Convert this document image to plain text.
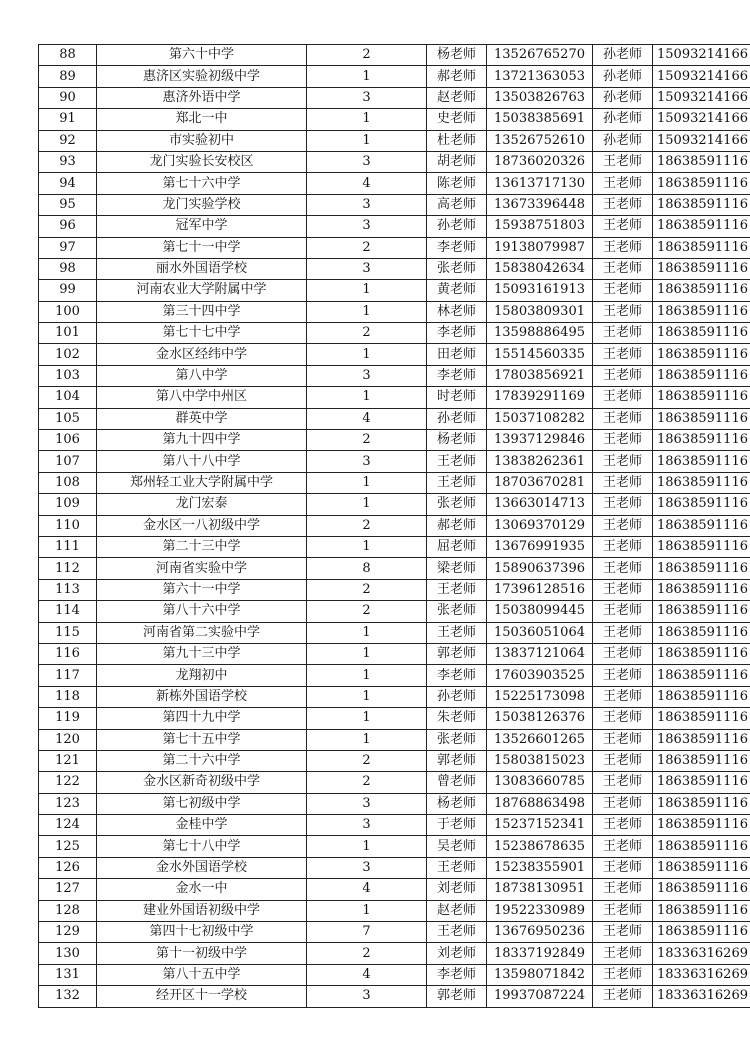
88	第六十中学	2	杨老师	13526765270	孙老师	15093214166
89	惠济区实验初级中学	1	郝老师	13721363053	孙老师	15093214166
90	惠济外语中学	3	赵老师	13503826763	孙老师	15093214166
91	郑北一中	1	史老师	15038385691	孙老师	15093214166
92	市实验初中	1	杜老师	13526752610	孙老师	15093214166
93	龙门实验长安校区	3	胡老师	18736020326	王老师	18638591116
94	第七十六中学	4	陈老师	13613717130	王老师	18638591116
95	龙门实验学校	3	高老师	13673396448	王老师	18638591116
96	冠军中学	3	孙老师	15938751803	王老师	18638591116
97	第七十一中学	2	李老师	19138079987	王老师	18638591116
98	丽水外国语学校	3	张老师	15838042634	王老师	18638591116
99	河南农业大学附属中学	1	黄老师	15093161913	王老师	18638591116
100	第三十四中学	1	林老师	15803809301	王老师	18638591116
101	第七十七中学	2	李老师	13598886495	王老师	18638591116
102	金水区经纬中学	1	田老师	15514560335	王老师	18638591116
103	第八中学	3	李老师	17803856921	王老师	18638591116
104	第八中学中州区	1	时老师	17839291169	王老师	18638591116
105	群英中学	4	孙老师	15037108282	王老师	18638591116
106	第九十四中学	2	杨老师	13937129846	王老师	18638591116
107	第八十八中学	3	王老师	13838262361	王老师	18638591116
108	郑州轻工业大学附属中学	1	王老师	18703670281	王老师	18638591116
109	龙门宏泰	1	张老师	13663014713	王老师	18638591116
110	金水区一八初级中学	2	郝老师	13069370129	王老师	18638591116
111	第二十三中学	1	屈老师	13676991935	王老师	18638591116
112	河南省实验中学	8	梁老师	15890637396	王老师	18638591116
113	第六十一中学	2	王老师	17396128516	王老师	18638591116
114	第八十六中学	2	张老师	15038099445	王老师	18638591116
115	河南省第二实验中学	1	王老师	15036051064	王老师	18638591116
116	第九十三中学	1	郭老师	13837121064	王老师	18638591116
117	龙翔初中	1	李老师	17603903525	王老师	18638591116
118	新栋外国语学校	1	孙老师	15225173098	王老师	18638591116
119	第四十九中学	1	朱老师	15038126376	王老师	18638591116
120	第七十五中学	1	张老师	13526601265	王老师	18638591116
121	第二十六中学	2	郭老师	15803815023	王老师	18638591116
122	金水区新奇初级中学	2	曾老师	13083660785	王老师	18638591116
123	第七初级中学	3	杨老师	18768863498	王老师	18638591116
124	金桂中学	3	于老师	15237152341	王老师	18638591116
125	第七十八中学	1	吴老师	15238678635	王老师	18638591116
126	金水外国语学校	3	王老师	15238355901	王老师	18638591116
127	金水一中	4	刘老师	18738130951	王老师	18638591116
128	建业外国语初级中学	1	赵老师	19522330989	王老师	18638591116
129	第四十七初级中学	7	王老师	13676950236	王老师	18638591116
130	第十一初级中学	2	刘老师	18337192849	王老师	18336316269
131	第八十五中学	4	李老师	13598071842	王老师	18336316269
132	经开区十一学校	3	郭老师	19937087224	王老师	18336316269
